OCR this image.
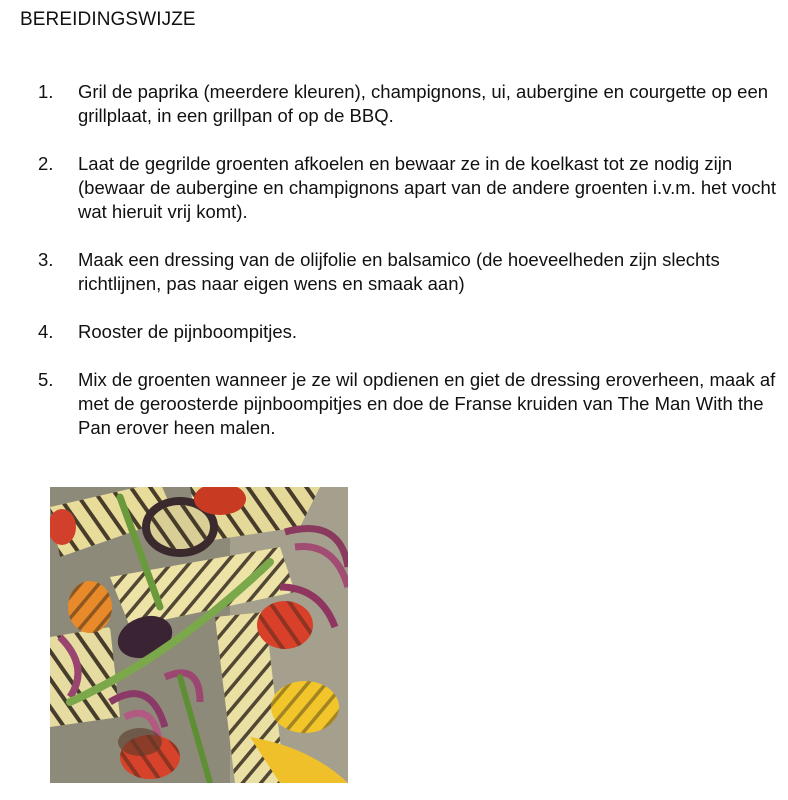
BEREIDINGSWIJZE
1. Gril de paprika (meerdere kleuren), champignons, ui, aubergine en courgette op een grillplaat, in een grillpan of op de BBQ.
2. Laat de gegrilde groenten afkoelen en bewaar ze in de koelkast tot ze nodig zijn (bewaar de aubergine en champignons apart van de andere groenten i.v.m. het vocht wat hieruit vrij komt).
3. Maak een dressing van de olijfolie en balsamico (de hoeveelheden zijn slechts richtlijnen, pas naar eigen wens en smaak aan)
4. Rooster de pijnboompitjes.
5. Mix de groenten wanneer je ze wil opdienen en giet de dressing eroverheen, maak af met de geroosterde pijnboompitjes en doe de Franse kruiden van The Man With the Pan erover heen malen.
